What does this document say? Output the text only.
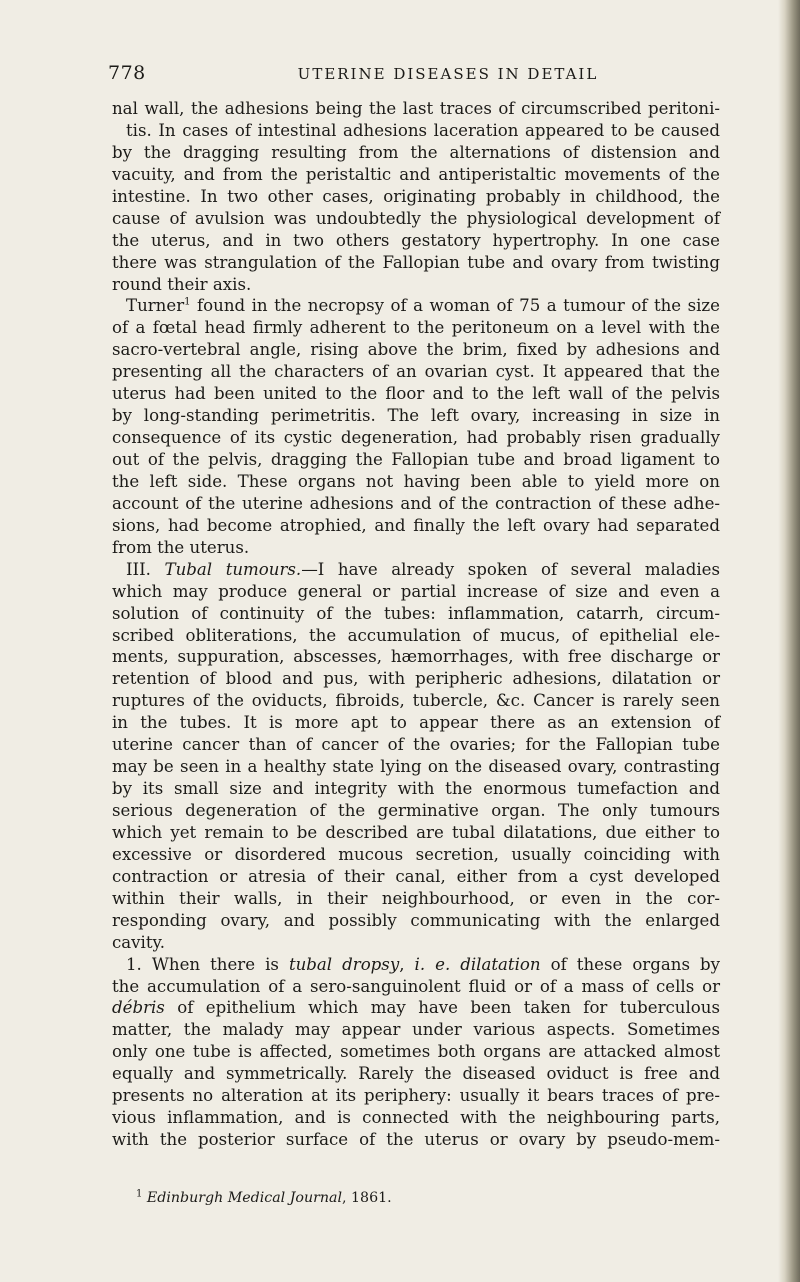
778	UTERINE DISEASES IN DETAIL
nal wall, the adhesions being the last traces of circumscribed peritoni-
tis. In cases of intestinal adhesions laceration appeared to be caused
by the dragging resulting from the alternations of distension and
vacuity, and from the peristaltic and antiperistaltic movements of the
intestine. In two other cases, originating probably in childhood, the
cause of avulsion was undoubtedly the physiological development of
the uterus, and in two others gestatory hypertrophy. In one case
there was strangulation of the Fallopian tube and ovary from twisting
round their axis.
Turner$^1$ found in the necropsy of a woman of 75 a tumour of the size
of a fœtal head firmly adherent to the peritoneum on a level with the
sacro-vertebral angle, rising above the brim, fixed by adhesions and
presenting all the characters of an ovarian cyst. It appeared that the
uterus had been united to the floor and to the left wall of the pelvis
by long-standing perimetritis. The left ovary, increasing in size in
consequence of its cystic degeneration, had probably risen gradually
out of the pelvis, dragging the Fallopian tube and broad ligament to
the left side. These organs not having been able to yield more on
account of the uterine adhesions and of the contraction of these adhe-
sions, had become atrophied, and finally the left ovary had separated
from the uterus.
III. Tubal tumours.—I have already spoken of several maladies
which may produce general or partial increase of size and even a
solution of continuity of the tubes: inflammation, catarrh, circum-
scribed obliterations, the accumulation of mucus, of epithelial ele-
ments, suppuration, abscesses, hæmorrhages, with free discharge or
retention of blood and pus, with peripheric adhesions, dilatation or
ruptures of the oviducts, fibroids, tubercle, &c. Cancer is rarely seen
in the tubes. It is more apt to appear there as an extension of
uterine cancer than of cancer of the ovaries; for the Fallopian tube
may be seen in a healthy state lying on the diseased ovary, contrasting
by its small size and integrity with the enormous tumefaction and
serious degeneration of the germinative organ. The only tumours
which yet remain to be described are tubal dilatations, due either to
excessive or disordered mucous secretion, usually coinciding with
contraction or atresia of their canal, either from a cyst developed
within their walls, in their neighbourhood, or even in the cor-
responding ovary, and possibly communicating with the enlarged
cavity.
1. When there is tubal dropsy, i. e. dilatation of these organs by
the accumulation of a sero-sanguinolent fluid or of a mass of cells or
débris of epithelium which may have been taken for tuberculous
matter, the malady may appear under various aspects. Sometimes
only one tube is affected, sometimes both organs are attacked almost
equally and symmetrically. Rarely the diseased oviduct is free and
presents no alteration at its periphery: usually it bears traces of pre-
vious inflammation, and is connected with the neighbouring parts,
with the posterior surface of the uterus or ovary by pseudo-mem-
$^1$ Edinburgh Medical Journal, 1861.
